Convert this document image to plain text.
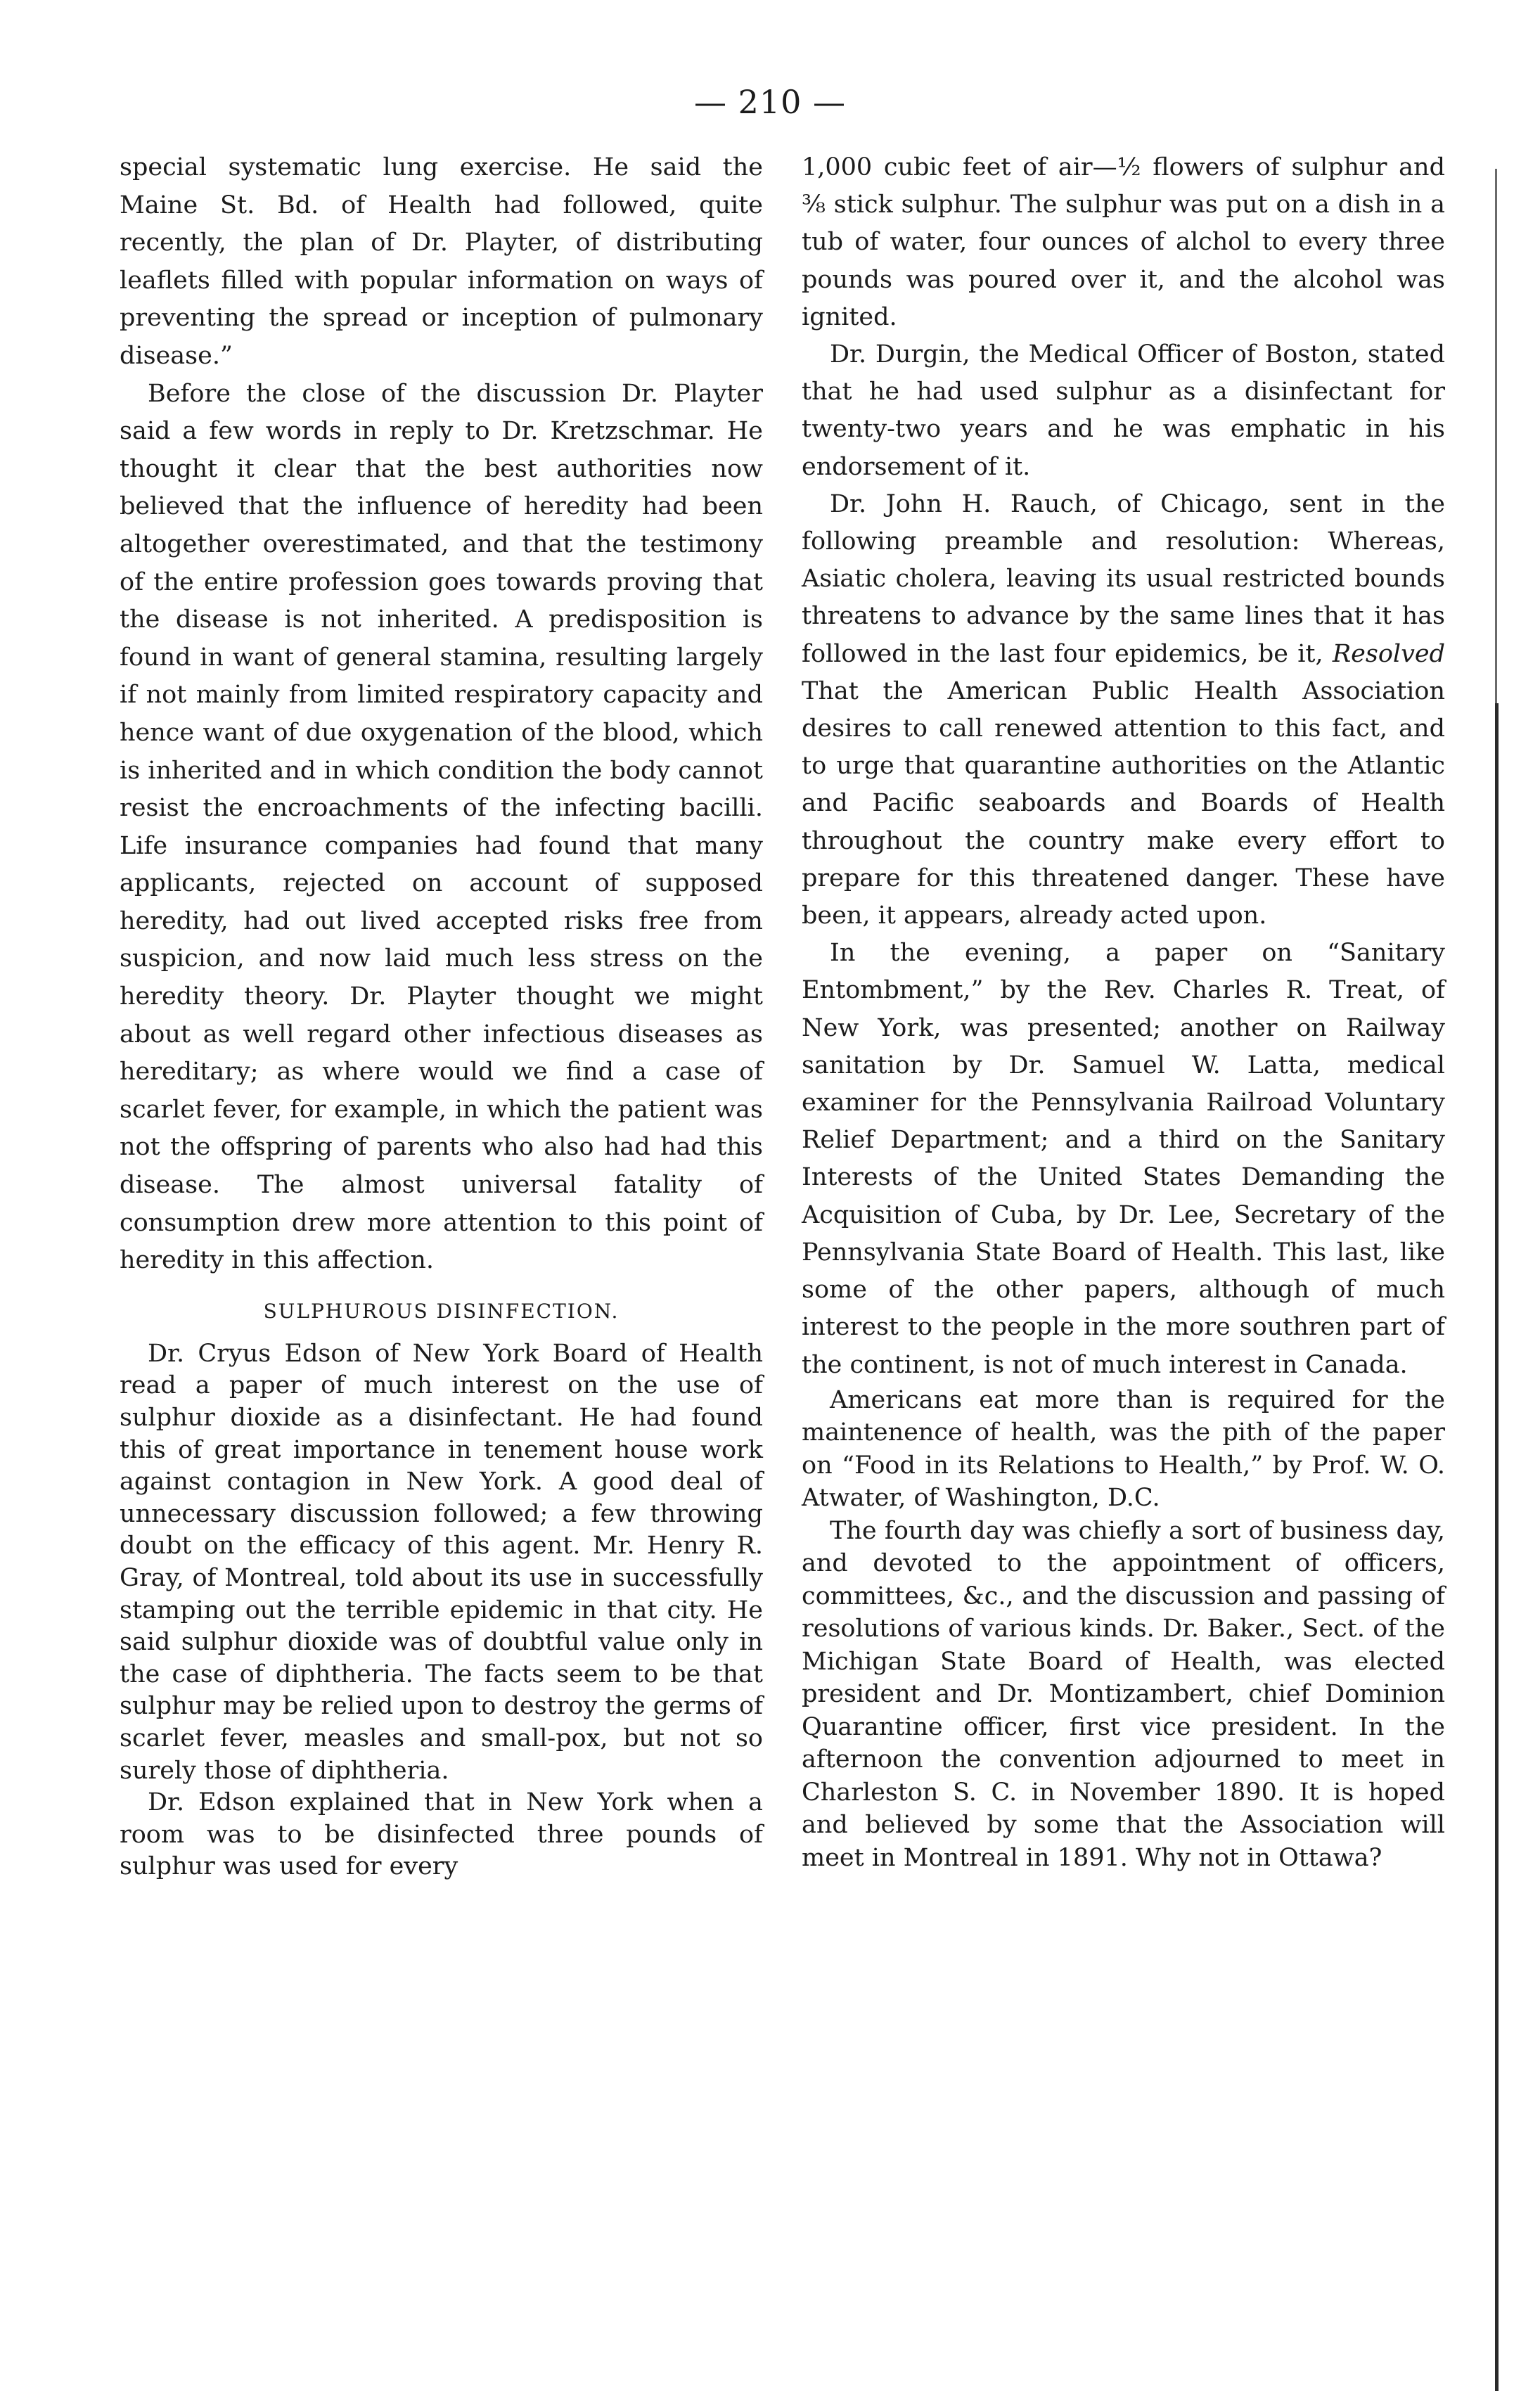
— 210 —

special systematic lung exercise. He said the Maine St. Bd. of Health had followed, quite recently, the plan of Dr. Playter, of distributing leaflets filled with popular information on ways of preventing the spread or inception of pulmonary disease.”

Before the close of the discussion Dr. Playter said a few words in reply to Dr. Kretzschmar. He thought it clear that the best authorities now believed that the influence of heredity had been altogether overestimated, and that the testimony of the entire profession goes towards proving that the disease is not inherited. A predisposition is found in want of general stamina, resulting largely if not mainly from limited respiratory capacity and hence want of due oxygenation of the blood, which is inherited and in which condition the body cannot resist the encroachments of the infecting bacilli. Life insurance companies had found that many applicants, rejected on account of supposed heredity, had out lived accepted risks free from suspicion, and now laid much less stress on the heredity theory. Dr. Playter thought we might about as well regard other infectious diseases as hereditary; as where would we find a case of scarlet fever, for example, in which the patient was not the offspring of parents who also had had this disease. The almost universal fatality of consumption drew more attention to this point of heredity in this affection.

SULPHUROUS DISINFECTION.

Dr. Cryus Edson of New York Board of Health read a paper of much interest on the use of sulphur dioxide as a disinfectant. He had found this of great importance in tenement house work against contagion in New York. A good deal of unnecessary discussion followed; a few throwing doubt on the efficacy of this agent. Mr. Henry R. Gray, of Montreal, told about its use in successfully stamping out the terrible epidemic in that city. He said sulphur dioxide was of doubtful value only in the case of diphtheria. The facts seem to be that sulphur may be relied upon to destroy the germs of scarlet fever, measles and small-pox, but not so surely those of diphtheria.

Dr. Edson explained that in New York when a room was to be disinfected three pounds of sulphur was used for every

1,000 cubic feet of air—½ flowers of sulphur and ⅜ stick sulphur. The sulphur was put on a dish in a tub of water, four ounces of alchol to every three pounds was poured over it, and the alcohol was ignited.

Dr. Durgin, the Medical Officer of Boston, stated that he had used sulphur as a disinfectant for twenty-two years and he was emphatic in his endorsement of it.

Dr. John H. Rauch, of Chicago, sent in the following preamble and resolution: Whereas, Asiatic cholera, leaving its usual restricted bounds threatens to advance by the same lines that it has followed in the last four epidemics, be it, Resolved That the American Public Health Association desires to call renewed attention to this fact, and to urge that quarantine authorities on the Atlantic and Pacific seaboards and Boards of Health throughout the country make every effort to prepare for this threatened danger. These have been, it appears, already acted upon.

In the evening, a paper on “Sanitary Entombment,” by the Rev. Charles R. Treat, of New York, was presented; another on Railway sanitation by Dr. Samuel W. Latta, medical examiner for the Pennsylvania Railroad Voluntary Relief Department; and a third on the Sanitary Interests of the United States Demanding the Acquisition of Cuba, by Dr. Lee, Secretary of the Pennsylvania State Board of Health. This last, like some of the other papers, although of much interest to the people in the more southren part of the continent, is not of much interest in Canada.

Americans eat more than is required for the maintenence of health, was the pith of the paper on “Food in its Relations to Health,” by Prof. W. O. Atwater, of Washington, D.C.

The fourth day was chiefly a sort of business day, and devoted to the appointment of officers, committees, &c., and the discussion and passing of resolutions of various kinds. Dr. Baker., Sect. of the Michigan State Board of Health, was elected president and Dr. Montizambert, chief Dominion Quarantine officer, first vice president. In the afternoon the convention adjourned to meet in Charleston S. C. in November 1890. It is hoped and believed by some that the Association will meet in Montreal in 1891. Why not in Ottawa?
